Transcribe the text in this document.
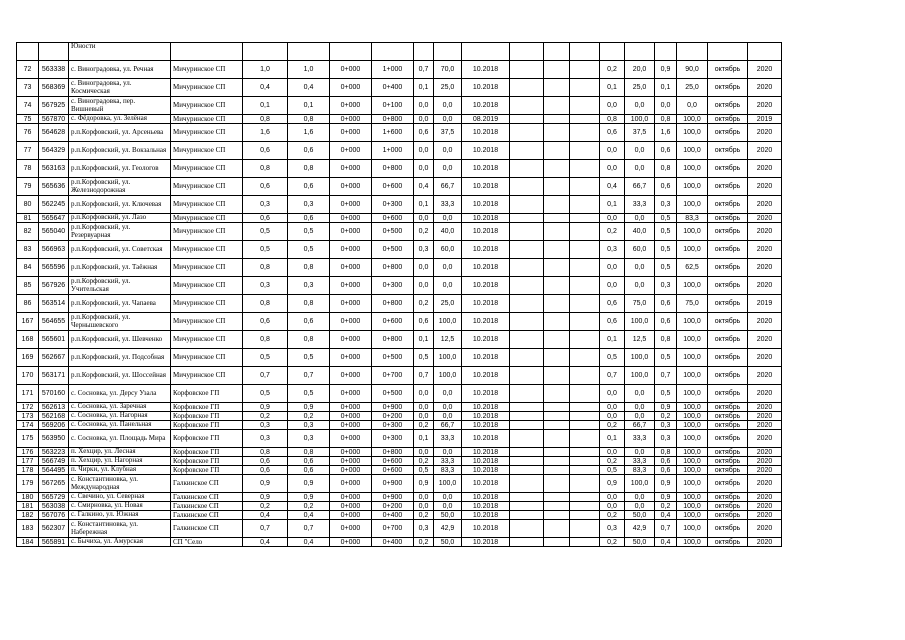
		Юности																	
72	563338	с. Виноградовка, ул. Речная	Мичуринское СП	1,0	1,0	0+000	1+000	0,7	70,0	10.2018				0,2	20,0	0,9	90,0	октябрь	2020
73	568369	с. Виноградовка, ул. Космическая	Мичуринское СП	0,4	0,4	0+000	0+400	0,1	25,0	10.2018				0,1	25,0	0,1	25,0	октябрь	2020
74	567925	с. Виноградовка, пер. Вишневый	Мичуринское СП	0,1	0,1	0+000	0+100	0,0	0,0	10.2018				0,0	0,0	0,0	0,0	октябрь	2020
75	567870	с. Фёдоровка, ул. Зелёная	Мичуринское СП	0,8	0,8	0+000	0+800	0,0	0,0	08.2019				0,8	100,0	0,8	100,0	октябрь	2019
76	564628	р.п.Корфовский, ул. Арсеньева	Мичуринское СП	1,6	1,6	0+000	1+600	0,6	37,5	10.2018				0,6	37,5	1,6	100,0	октябрь	2020
77	564329	р.п.Корфовский, ул. Вокзальная	Мичуринское СП	0,6	0,6	0+000	1+000	0,0	0,0	10.2018				0,0	0,0	0,6	100,0	октябрь	2020
78	563163	р.п.Корфовский, ул. Геологов	Мичуринское СП	0,8	0,8	0+000	0+800	0,0	0,0	10.2018				0,0	0,0	0,8	100,0	октябрь	2020
79	565636	р.п.Корфовский, ул. Железнодорожная	Мичуринское СП	0,6	0,6	0+000	0+600	0,4	66,7	10.2018				0,4	66,7	0,6	100,0	октябрь	2020
80	562245	р.п.Корфовский, ул. Ключевая	Мичуринское СП	0,3	0,3	0+000	0+300	0,1	33,3	10.2018				0,1	33,3	0,3	100,0	октябрь	2020
81	565647	р.п.Корфовский, ул. Лазо	Мичуринское СП	0,6	0,6	0+000	0+600	0,0	0,0	10.2018				0,0	0,0	0,5	83,3	октябрь	2020
82	565040	р.п.Корфовский, ул. Резервуарная	Мичуринское СП	0,5	0,5	0+000	0+500	0,2	40,0	10.2018				0,2	40,0	0,5	100,0	октябрь	2020
83	566963	р.п.Корфовский, ул. Советская	Мичуринское СП	0,5	0,5	0+000	0+500	0,3	60,0	10.2018				0,3	60,0	0,5	100,0	октябрь	2020
84	565596	р.п.Корфовский, ул. Таёжная	Мичуринское СП	0,8	0,8	0+000	0+800	0,0	0,0	10.2018				0,0	0,0	0,5	62,5	октябрь	2020
85	567926	р.п.Корфовский, ул. Учительская	Мичуринское СП	0,3	0,3	0+000	0+300	0,0	0,0	10.2018				0,0	0,0	0,3	100,0	октябрь	2020
86	563514	р.п.Корфовский, ул. Чапаева	Мичуринское СП	0,8	0,8	0+000	0+800	0,2	25,0	10.2018				0,6	75,0	0,6	75,0	октябрь	2019
167	564655	р.п.Корфовский, ул. Чернышевского	Мичуринское СП	0,6	0,6	0+000	0+600	0,6	100,0	10.2018				0,6	100,0	0,6	100,0	октябрь	2020
168	565601	р.п.Корфовский, ул. Шевченко	Мичуринское СП	0,8	0,8	0+000	0+800	0,1	12,5	10.2018				0,1	12,5	0,8	100,0	октябрь	2020
169	562667	р.п.Корфовский, ул. Подсобная	Мичуринское СП	0,5	0,5	0+000	0+500	0,5	100,0	10.2018				0,5	100,0	0,5	100,0	октябрь	2020
170	563171	р.п.Корфовский, ул. Шоссейная	Мичуринское СП	0,7	0,7	0+000	0+700	0,7	100,0	10.2018				0,7	100,0	0,7	100,0	октябрь	2020
171	570160	с. Сосновка, ул. Дерсу Узала	Корфовское ГП	0,5	0,5	0+000	0+500	0,0	0,0	10.2018				0,0	0,0	0,5	100,0	октябрь	2020
172	562613	с. Сосновка, ул. Заречная	Корфовское ГП	0,9	0,9	0+000	0+900	0,0	0,0	10.2018				0,0	0,0	0,9	100,0	октябрь	2020
173	562168	с. Сосновка, ул. Нагорная	Корфовское ГП	0,2	0,2	0+000	0+200	0,0	0,0	10.2018				0,0	0,0	0,2	100,0	октябрь	2020
174	569206	с. Сосновка, ул. Панельная	Корфовское ГП	0,3	0,3	0+000	0+300	0,2	66,7	10.2018				0,2	66,7	0,3	100,0	октябрь	2020
175	563950	с. Сосновка, ул. Площадь Мира	Корфовское ГП	0,3	0,3	0+000	0+300	0,1	33,3	10.2018				0,1	33,3	0,3	100,0	октябрь	2020
176	563223	п. Хехцир, ул. Лесная	Корфовское ГП	0,8	0,8	0+000	0+800	0,0	0,0	10.2018				0,0	0,0	0,8	100,0	октябрь	2020
177	566749	п. Хехцир, ул. Нагорная	Корфовское ГП	0,6	0,6	0+000	0+600	0,2	33,3	10.2018				0,2	33,3	0,6	100,0	октябрь	2020
178	564495	п. Чирки, ул. Клубная	Корфовское ГП	0,6	0,6	0+000	0+600	0,5	83,3	10.2018				0,5	83,3	0,6	100,0	октябрь	2020
179	567265	с. Константиновка, ул. Международная	Галкинское СП	0,9	0,9	0+000	0+900	0,9	100,0	10.2018				0,9	100,0	0,9	100,0	октябрь	2020
180	565729	с. Свечино, ул. Северная	Галкинское СП	0,9	0,9	0+000	0+900	0,0	0,0	10.2018				0,0	0,0	0,9	100,0	октябрь	2020
181	563038	с. Смирновка, ул. Новая	Галкинское СП	0,2	0,2	0+000	0+200	0,0	0,0	10.2018				0,0	0,0	0,2	100,0	октябрь	2020
182	567076	с. Галкино, ул. Южная	Галкинское СП	0,4	0,4	0+000	0+400	0,2	50,0	10.2018				0,2	50,0	0,4	100,0	октябрь	2020
183	562307	с. Константиновка, ул. Набережная	Галкинское СП	0,7	0,7	0+000	0+700	0,3	42,9	10.2018				0,3	42,9	0,7	100,0	октябрь	2020
184	565891	с. Бычиха, ул. Амурская	СП "Село	0,4	0,4	0+000	0+400	0,2	50,0	10.2018				0,2	50,0	0,4	100,0	октябрь	2020
